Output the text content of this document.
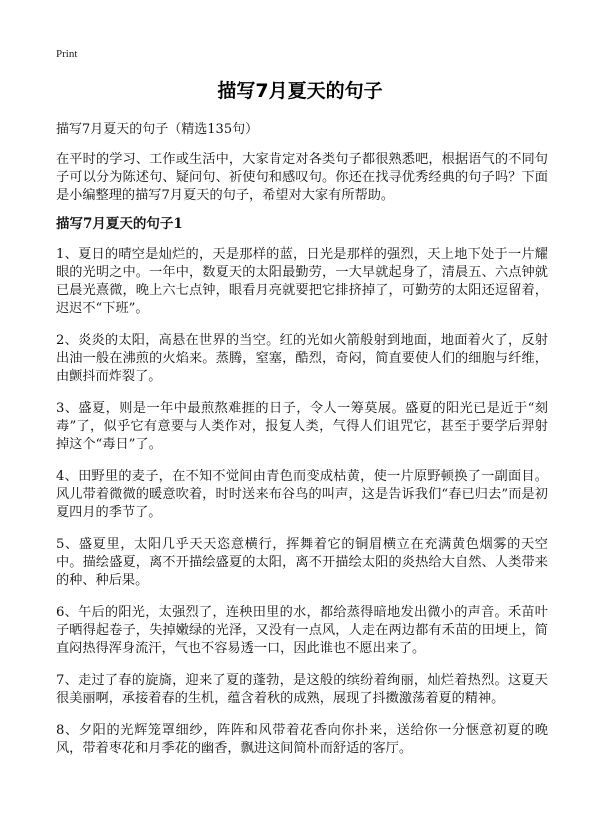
Print
描写7月夏天的句子

描写7月夏天的句子（精选135句）

在平时的学习、工作或生活中，大家肯定对各类句子都很熟悉吧，根据语气的不同句子可以分为陈述句、疑问句、祈使句和感叹句。你还在找寻优秀经典的句子吗？下面是小编整理的描写7月夏天的句子，希望对大家有所帮助。

描写7月夏天的句子1
1、夏日的晴空是灿烂的，天是那样的蓝，日光是那样的强烈，天上地下处于一片耀眼的光明之中。一年中，数夏天的太阳最勤劳，一大早就起身了，清晨五、六点钟就已晨光熹微，晚上六七点钟，眼看月亮就要把它排挤掉了，可勤劳的太阳还逗留着，迟迟不“下班”。
2、炎炎的太阳，高悬在世界的当空。红的光如火箭般射到地面，地面着火了，反射出油一般在沸煎的火焰来。蒸腾，窒塞，酷烈，奇闷，简直要使人们的细胞与纤维，由颤抖而炸裂了。
3、盛夏，则是一年中最煎熬难捱的日子，令人一筹莫展。盛夏的阳光已是近于“刻毒”了，似乎它有意要与人类作对，报复人类，气得人们诅咒它，甚至于要学后羿射掉这个“毒日”了。
4、田野里的麦子，在不知不觉间由青色而变成枯黄，使一片原野顿换了一副面目。风儿带着微微的暖意吹着，时时送来布谷鸟的叫声，这是告诉我们“春已归去”而是初夏四月的季节了。
5、盛夏里，太阳几乎天天恣意横行，挥舞着它的铜眉横立在充满黄色烟雾的天空中。描绘盛夏，离不开描绘盛夏的太阳，离不开描绘太阳的炎热给大自然、人类带来的种、种后果。
6、午后的阳光，太强烈了，连秧田里的水，都给蒸得暗地发出微小的声音。禾苗叶子晒得起卷子，失掉嫩绿的光泽，又没有一点风，人走在两边都有禾苗的田埂上，简直闷热得浑身流汗，气也不容易透一口，因此谁也不愿出来了。
7、走过了春的旋旖，迎来了夏的蓬勃，是这般的缤纷着绚丽，灿烂着热烈。这夏天很美丽啊，承接着春的生机，蕴含着秋的成熟，展现了抖擞激荡着夏的精神。
8、夕阳的光辉笼罩细纱，阵阵和风带着花香向你扑来，送给你一分惬意初夏的晚风，带着枣花和月季花的幽香，飘进这间简朴而舒适的客厅。
